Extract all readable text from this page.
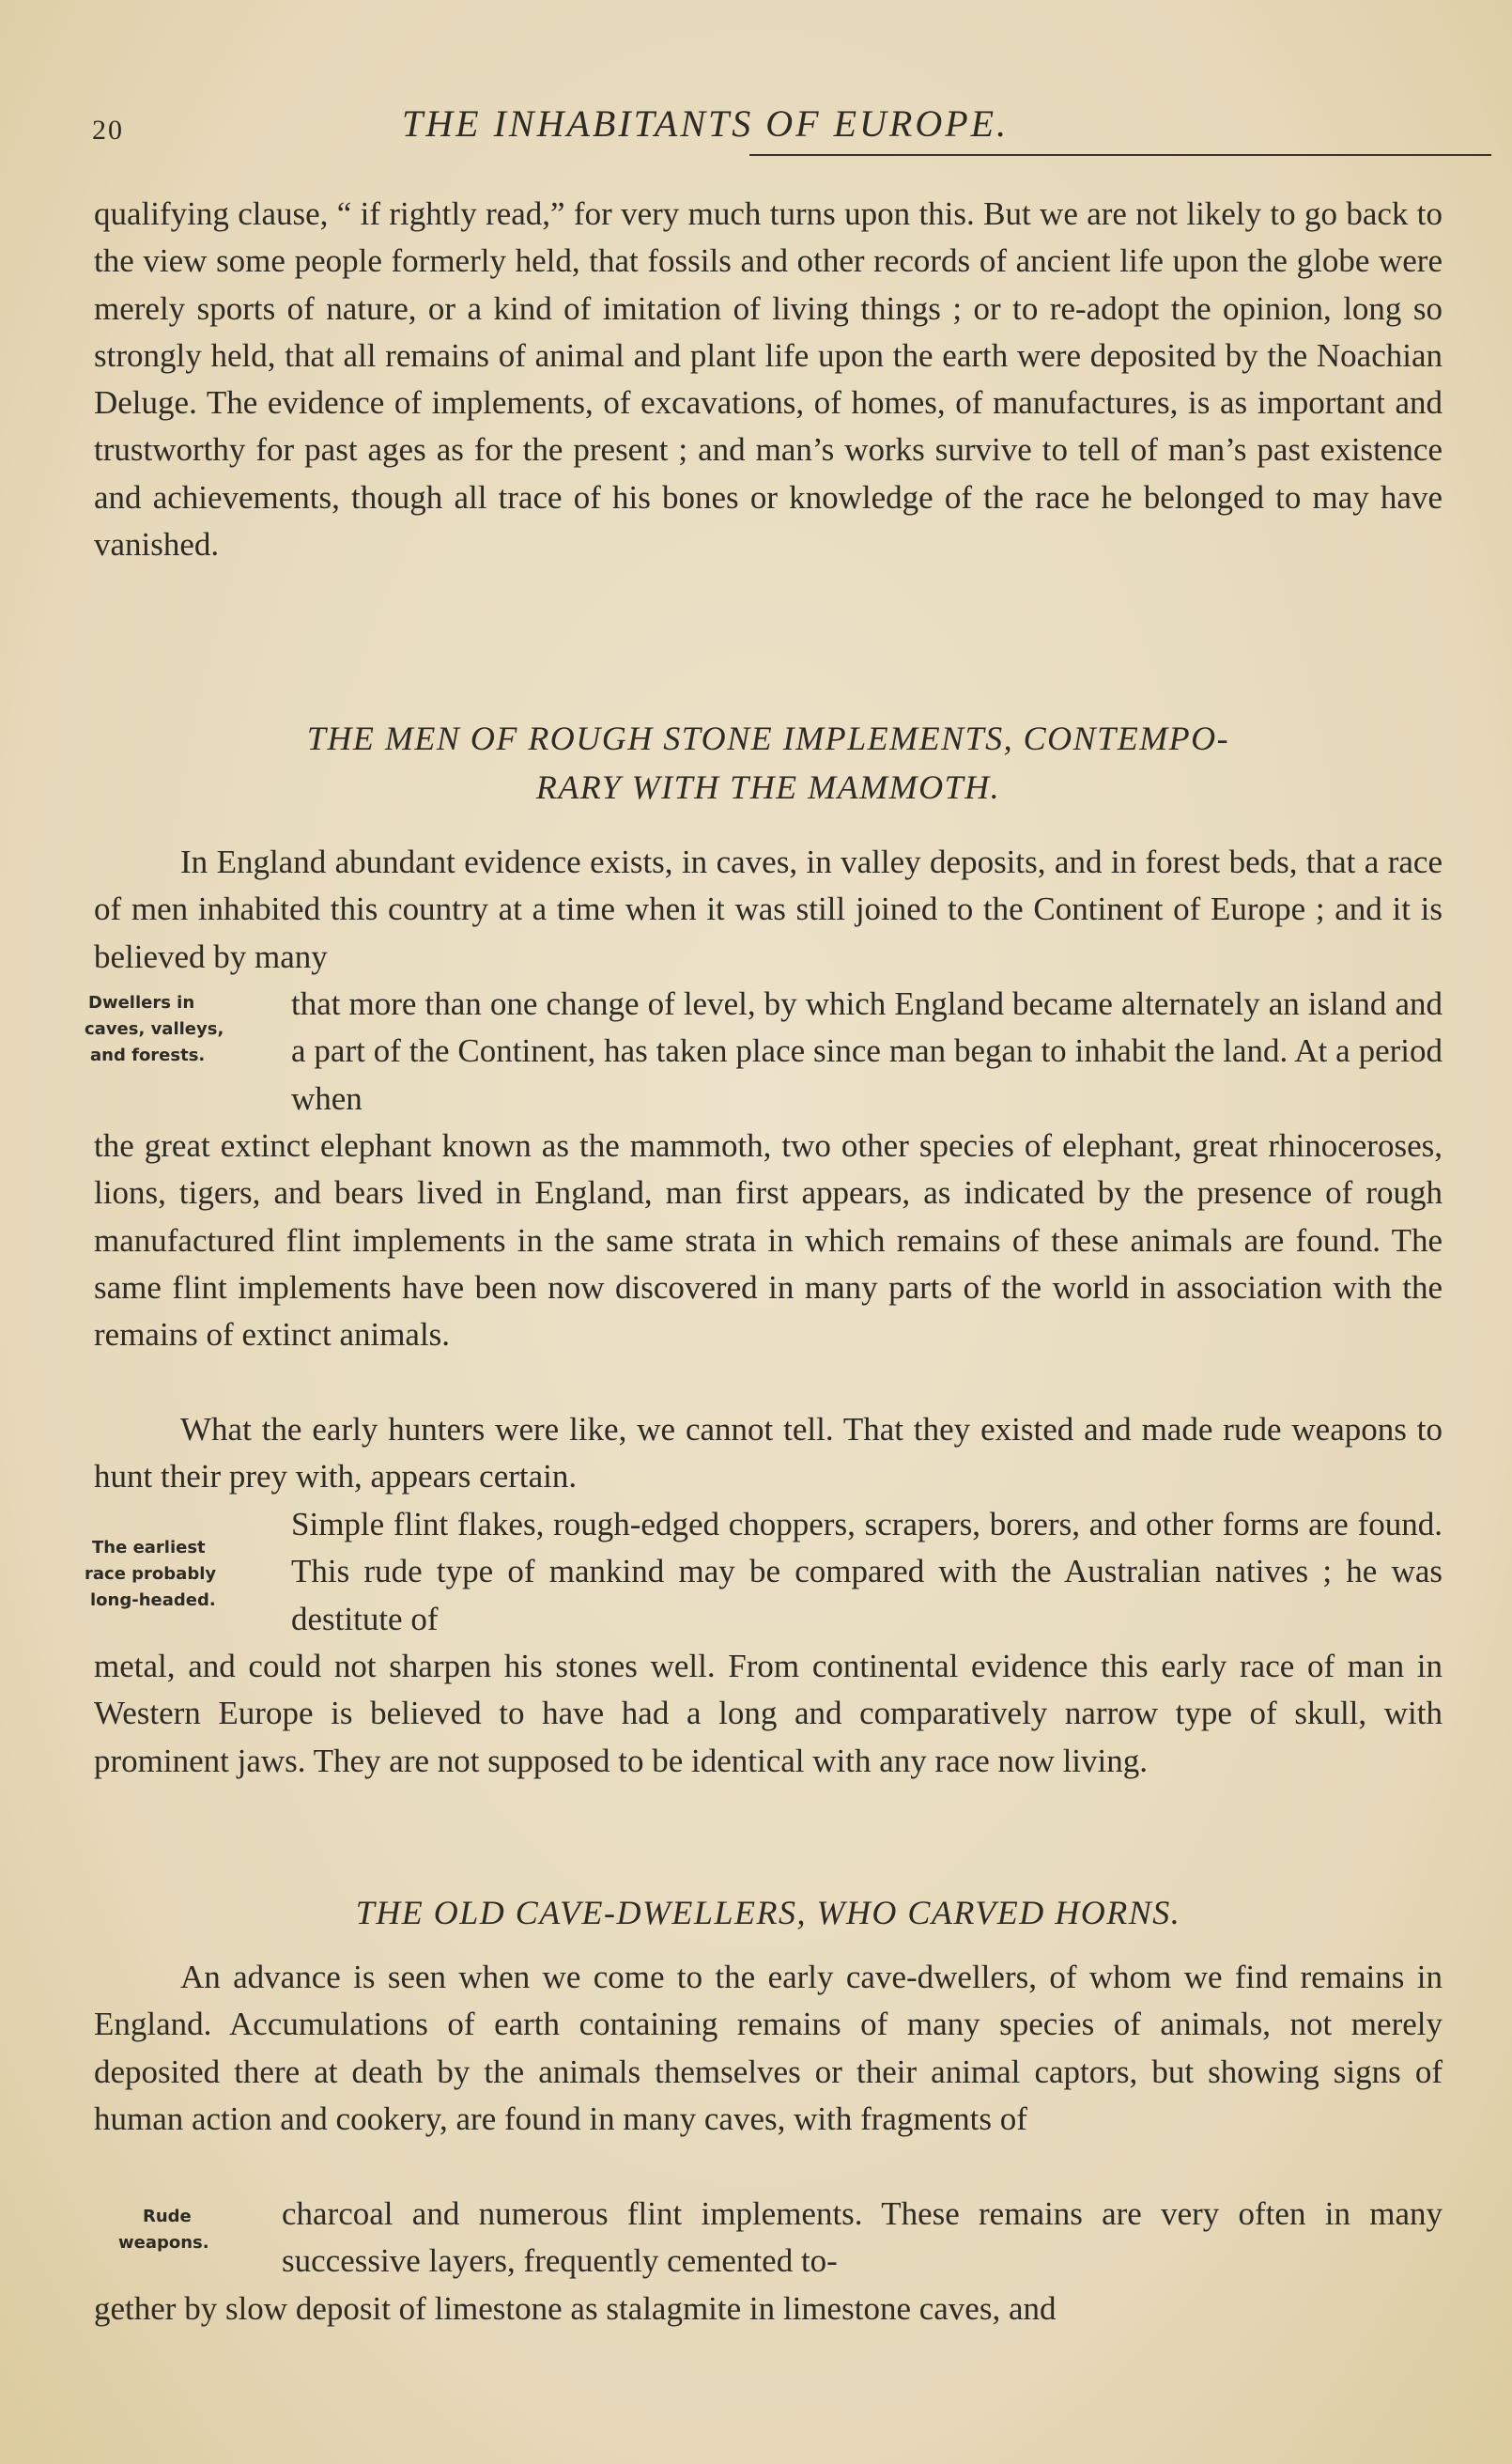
20	THE INHABITANTS OF EUROPE.

qualifying clause, “ if rightly read,” for very much turns upon this. But we are not likely to go back to the view some people formerly held, that fossils and other records of ancient life upon the globe were merely sports of nature, or a kind of imitation of living things ; or to re-adopt the opinion, long so strongly held, that all remains of animal and plant life upon the earth were deposited by the Noachian Deluge. The evidence of implements, of excavations, of homes, of manufactures, is as important and trustworthy for past ages as for the present ; and man’s works survive to tell of man’s past existence and achievements, though all trace of his bones or knowledge of the race he belonged to may have vanished.

THE MEN OF ROUGH STONE IMPLEMENTS, CONTEMPO-
RARY WITH THE MAMMOTH.

In England abundant evidence exists, in caves, in valley deposits, and in forest beds, that a race of men inhabited this country at a time when it was still joined to the Continent of Europe ; and it is believed by many

Dwellers in
caves, valleys,
and forests.

that more than one change of level, by which England became alternately an island and a part of the Continent, has taken place since man began to inhabit the land. At a period when

the great extinct elephant known as the mammoth, two other species of elephant, great rhinoceroses, lions, tigers, and bears lived in England, man first appears, as indicated by the presence of rough manufactured flint implements in the same strata in which remains of these animals are found. The same flint implements have been now discovered in many parts of the world in association with the remains of extinct animals.

What the early hunters were like, we cannot tell. That they existed and made rude weapons to hunt their prey with, appears certain.

The earliest
race probably
long-headed.

Simple flint flakes, rough-edged choppers, scrapers, borers, and other forms are found. This rude type of mankind may be compared with the Australian natives ; he was destitute of

metal, and could not sharpen his stones well. From continental evidence this early race of man in Western Europe is believed to have had a long and comparatively narrow type of skull, with prominent jaws. They are not supposed to be identical with any race now living.

THE OLD CAVE-DWELLERS, WHO CARVED HORNS.

An advance is seen when we come to the early cave-dwellers, of whom we find remains in England. Accumulations of earth containing remains of many species of animals, not merely deposited there at death by the animals themselves or their animal captors, but showing signs of human action and cookery, are found in many caves, with fragments of

Rude
weapons.

charcoal and numerous flint implements. These remains are very often in many successive layers, frequently cemented to-

gether by slow deposit of limestone as stalagmite in limestone caves, and
